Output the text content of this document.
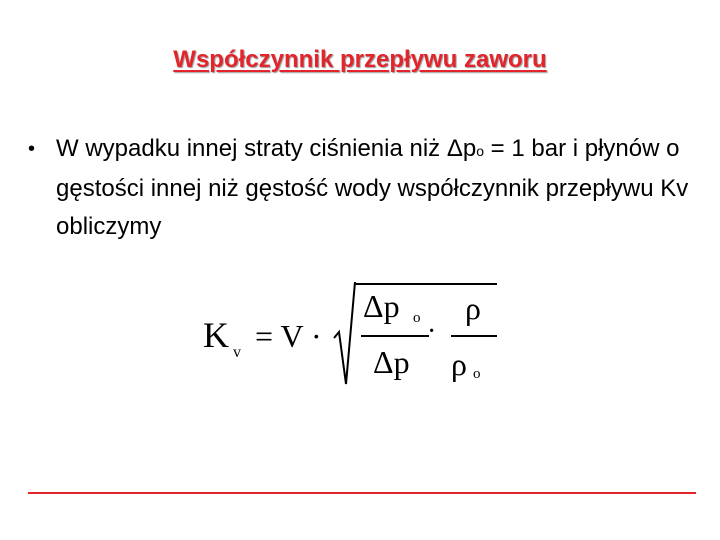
Współczynnik przepływu zaworu
• W wypadku innej straty ciśnienia niż Δpo = 1 bar i płynów o gęstości innej niż gęstość wody współczynnik przepływu Kv obliczymy
K v = V ·
Δp o
Δp
·
ρ
ρ o
